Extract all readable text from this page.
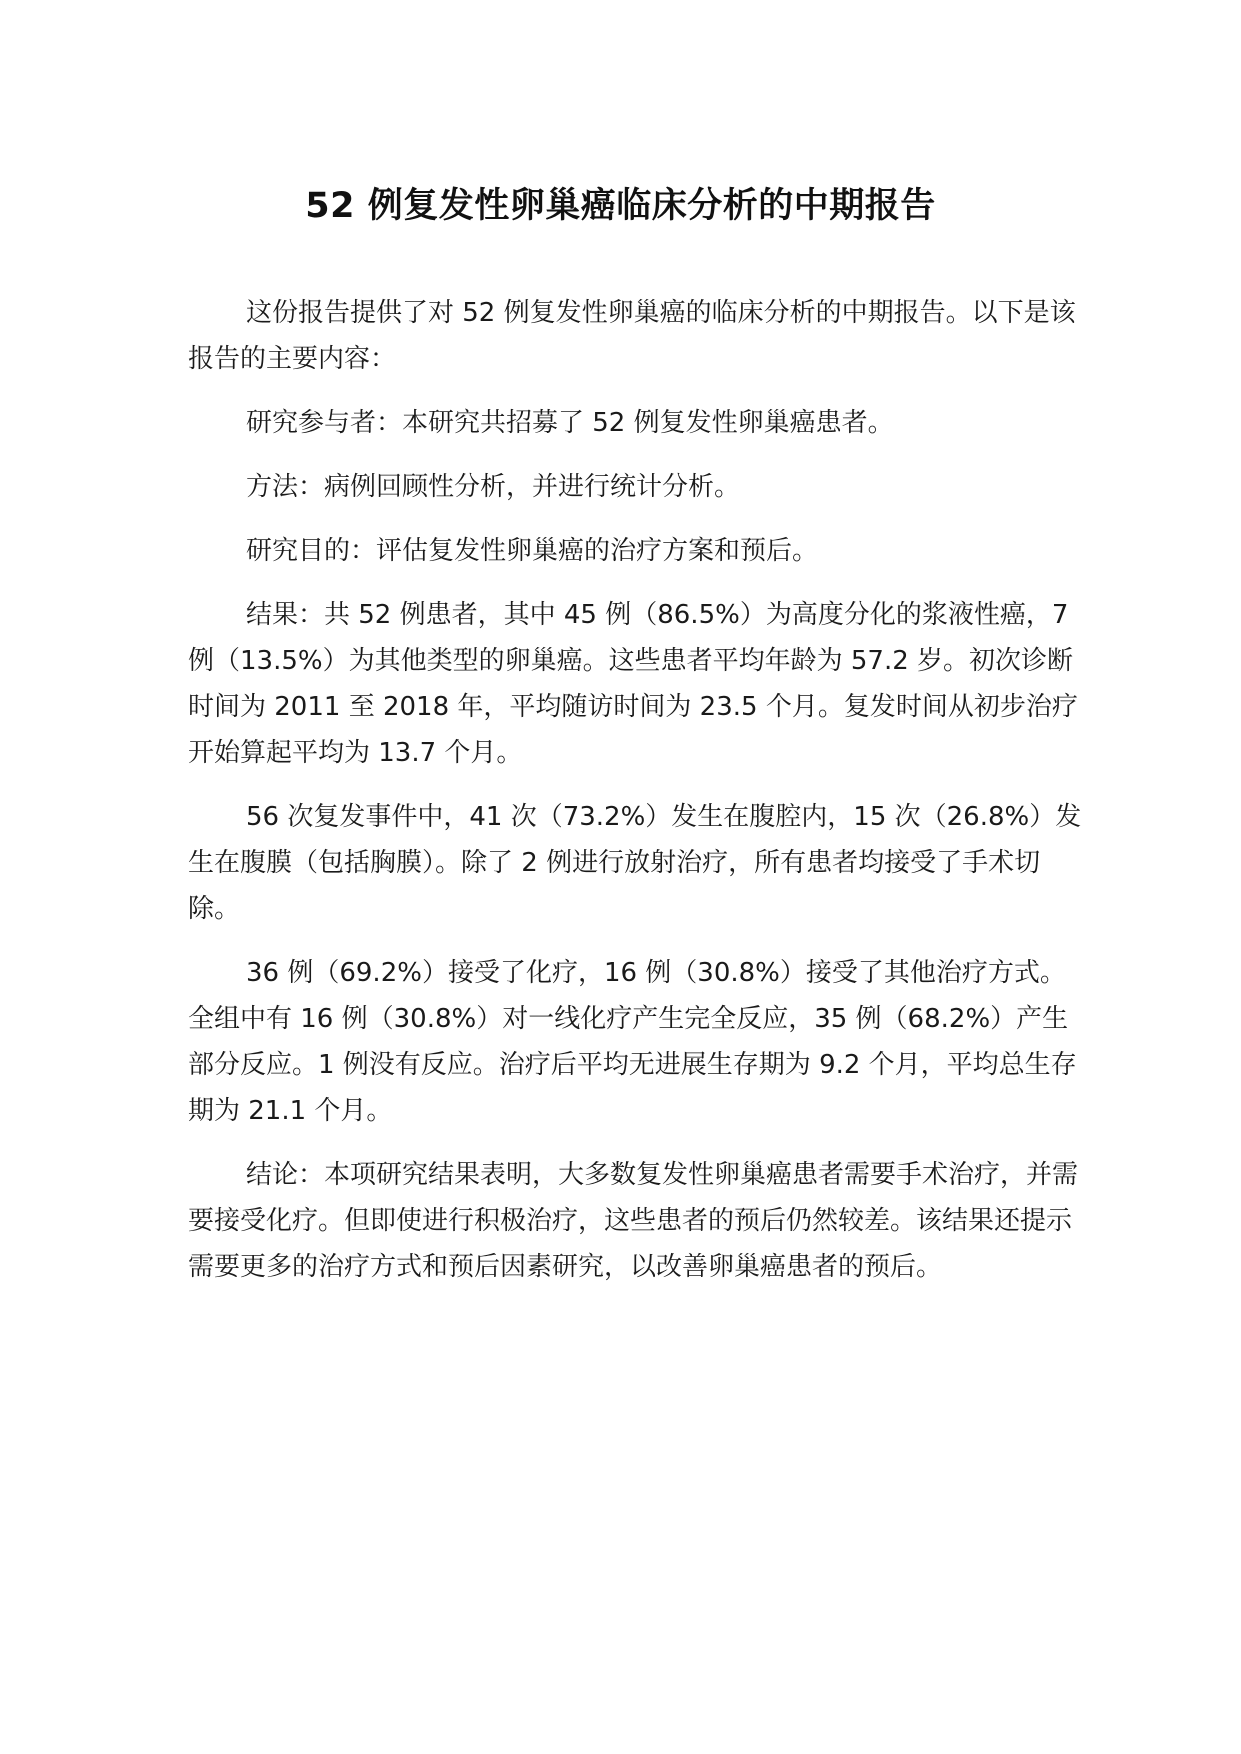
52 例复发性卵巢癌临床分析的中期报告

这份报告提供了对 52 例复发性卵巢癌的临床分析的中期报告。以下是该报告的主要内容：

研究参与者：本研究共招募了 52 例复发性卵巢癌患者。

方法：病例回顾性分析，并进行统计分析。

研究目的：评估复发性卵巢癌的治疗方案和预后。

结果：共 52 例患者，其中 45 例（86.5%）为高度分化的浆液性癌，7 例（13.5%）为其他类型的卵巢癌。这些患者平均年龄为 57.2 岁。初次诊断时间为 2011 至 2018 年，平均随访时间为 23.5 个月。复发时间从初步治疗开始算起平均为 13.7 个月。

56 次复发事件中，41 次（73.2%）发生在腹腔内，15 次（26.8%）发生在腹膜（包括胸膜）。除了 2 例进行放射治疗，所有患者均接受了手术切除。

36 例（69.2%）接受了化疗，16 例（30.8%）接受了其他治疗方式。全组中有 16 例（30.8%）对一线化疗产生完全反应，35 例（68.2%）产生部分反应。1 例没有反应。治疗后平均无进展生存期为 9.2 个月，平均总生存期为 21.1 个月。

结论：本项研究结果表明，大多数复发性卵巢癌患者需要手术治疗，并需要接受化疗。但即使进行积极治疗，这些患者的预后仍然较差。该结果还提示需要更多的治疗方式和预后因素研究，以改善卵巢癌患者的预后。
